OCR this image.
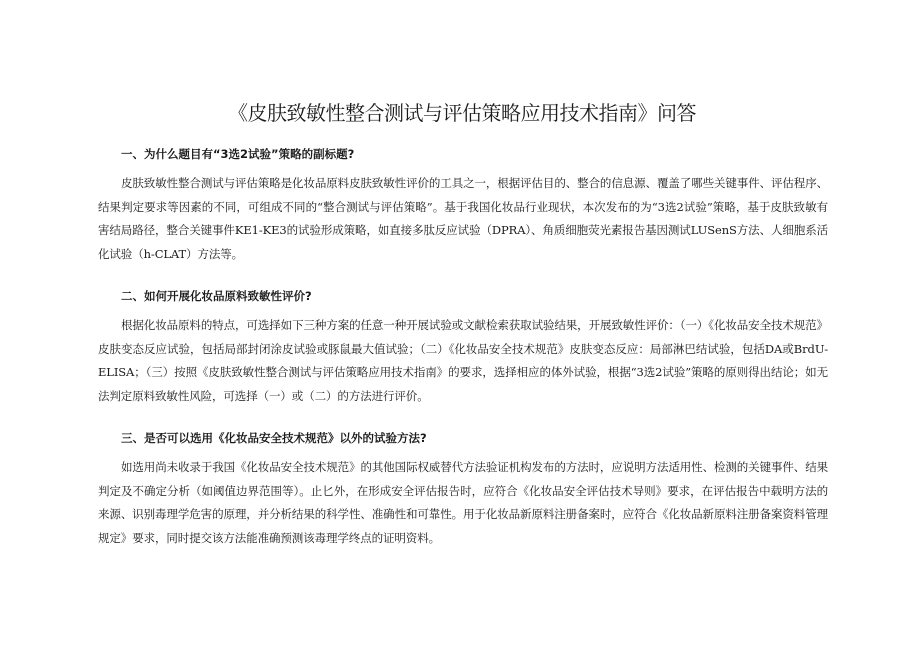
《皮肤致敏性整合测试与评估策略应用技术指南》问答

一、为什么题目有“3选2试验”策略的副标题?

皮肤致敏性整合测试与评估策略是化妆品原料皮肤致敏性评价的工具之一，根据评估目的、整合的信息源、覆盖了哪些关键事件、评估程序、结果判定要求等因素的不同，可组成不同的“整合测试与评估策略”。基于我国化妆品行业现状，本次发布的为“3选2试验”策略，基于皮肤致敏有害结局路径，整合关键事件KE1-KE3的试验形成策略，如直接多肽反应试验（DPRA）、角质细胞荧光素报告基因测试LUSenS方法、人细胞系活化试验（h-CLAT）方法等。

二、如何开展化妆品原料致敏性评价?

根据化妆品原料的特点，可选择如下三种方案的任意一种开展试验或文献检索获取试验结果，开展致敏性评价：（一）《化妆品安全技术规范》皮肤变态反应试验，包括局部封闭涂皮试验或豚鼠最大值试验；（二）《化妆品安全技术规范》皮肤变态反应：局部淋巴结试验，包括DA或BrdU-ELISA；（三）按照《皮肤致敏性整合测试与评估策略应用技术指南》的要求，选择相应的体外试验，根据“3选2试验”策略的原则得出结论；如无法判定原料致敏性风险，可选择（一）或（二）的方法进行评价。

三、是否可以选用《化妆品安全技术规范》以外的试验方法?

如选用尚未收录于我国《化妆品安全技术规范》的其他国际权威替代方法验证机构发布的方法时，应说明方法适用性、检测的关键事件、结果判定及不确定分析（如阈值边界范围等）。止匕外，在形成安全评估报告时，应符合《化妆品安全评估技术导则》要求，在评估报告中载明方法的来源、识别毒理学危害的原理，并分析结果的科学性、准确性和可靠性。用于化妆品新原料注册备案时，应符合《化妆品新原料注册备案资料管理规定》要求，同时提交该方法能准确预测该毒理学终点的证明资料。
